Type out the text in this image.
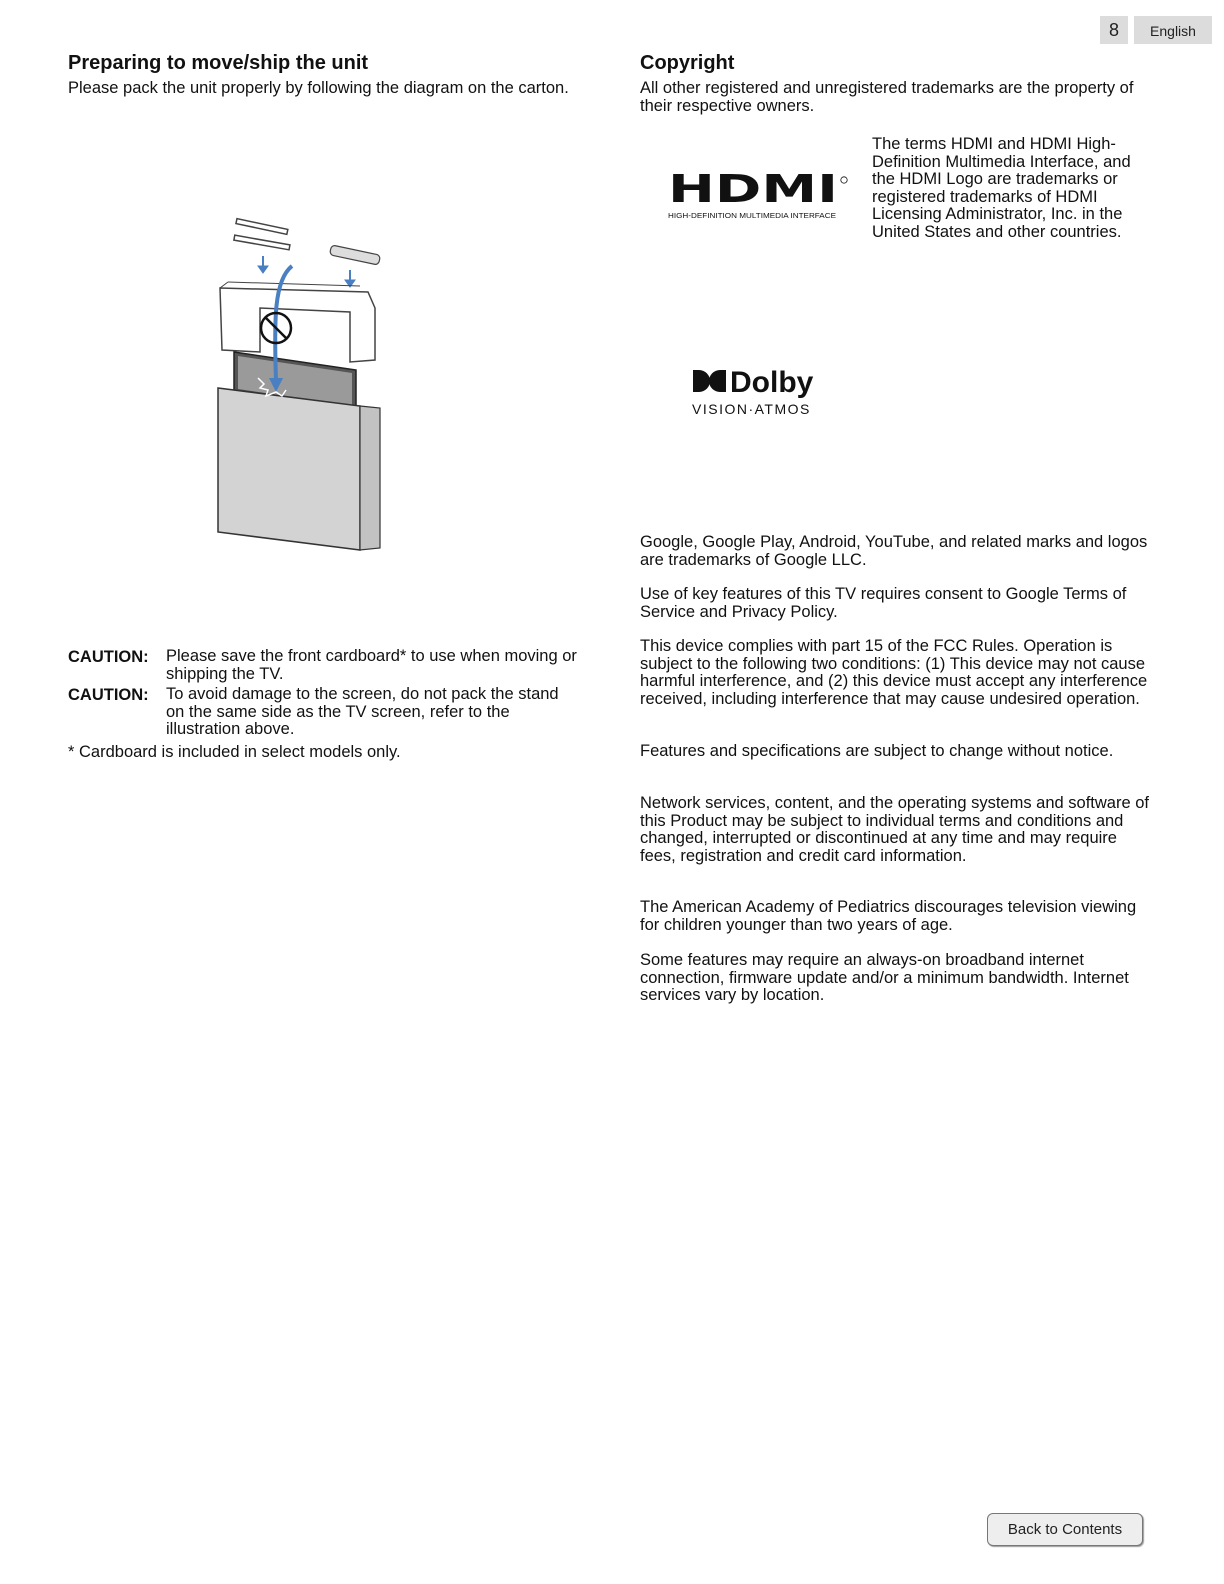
8	English
Preparing to move/ship the unit

Please pack the unit properly by following the diagram on the carton.

CAUTION: Please save the front cardboard* to use when moving or shipping the TV.
CAUTION: To avoid damage to the screen, do not pack the stand on the same side as the TV screen, refer to the illustration above.

* Cardboard is included in select models only.

Copyright

All other registered and unregistered trademarks are the property of their respective owners.

HDMI
HIGH-DEFINITION MULTIMEDIA INTERFACE

The terms HDMI and HDMI High-Definition Multimedia Interface, and the HDMI Logo are trademarks or registered trademarks of HDMI Licensing Administrator, Inc. in the United States and other countries.

Dolby
VISION·ATMOS

Google, Google Play, Android, YouTube, and related marks and logos are trademarks of Google LLC.

Use of key features of this TV requires consent to Google Terms of Service and Privacy Policy.

This device complies with part 15 of the FCC Rules. Operation is subject to the following two conditions: (1) This device may not cause harmful interference, and (2) this device must accept any interference received, including interference that may cause undesired operation.

Features and specifications are subject to change without notice.

Network services, content, and the operating systems and software of this Product may be subject to individual terms and conditions and changed, interrupted or discontinued at any time and may require fees, registration and credit card information.

The American Academy of Pediatrics discourages television viewing for children younger than two years of age.

Some features may require an always-on broadband internet connection, firmware update and/or a minimum bandwidth. Internet services vary by location.

Back to Contents
